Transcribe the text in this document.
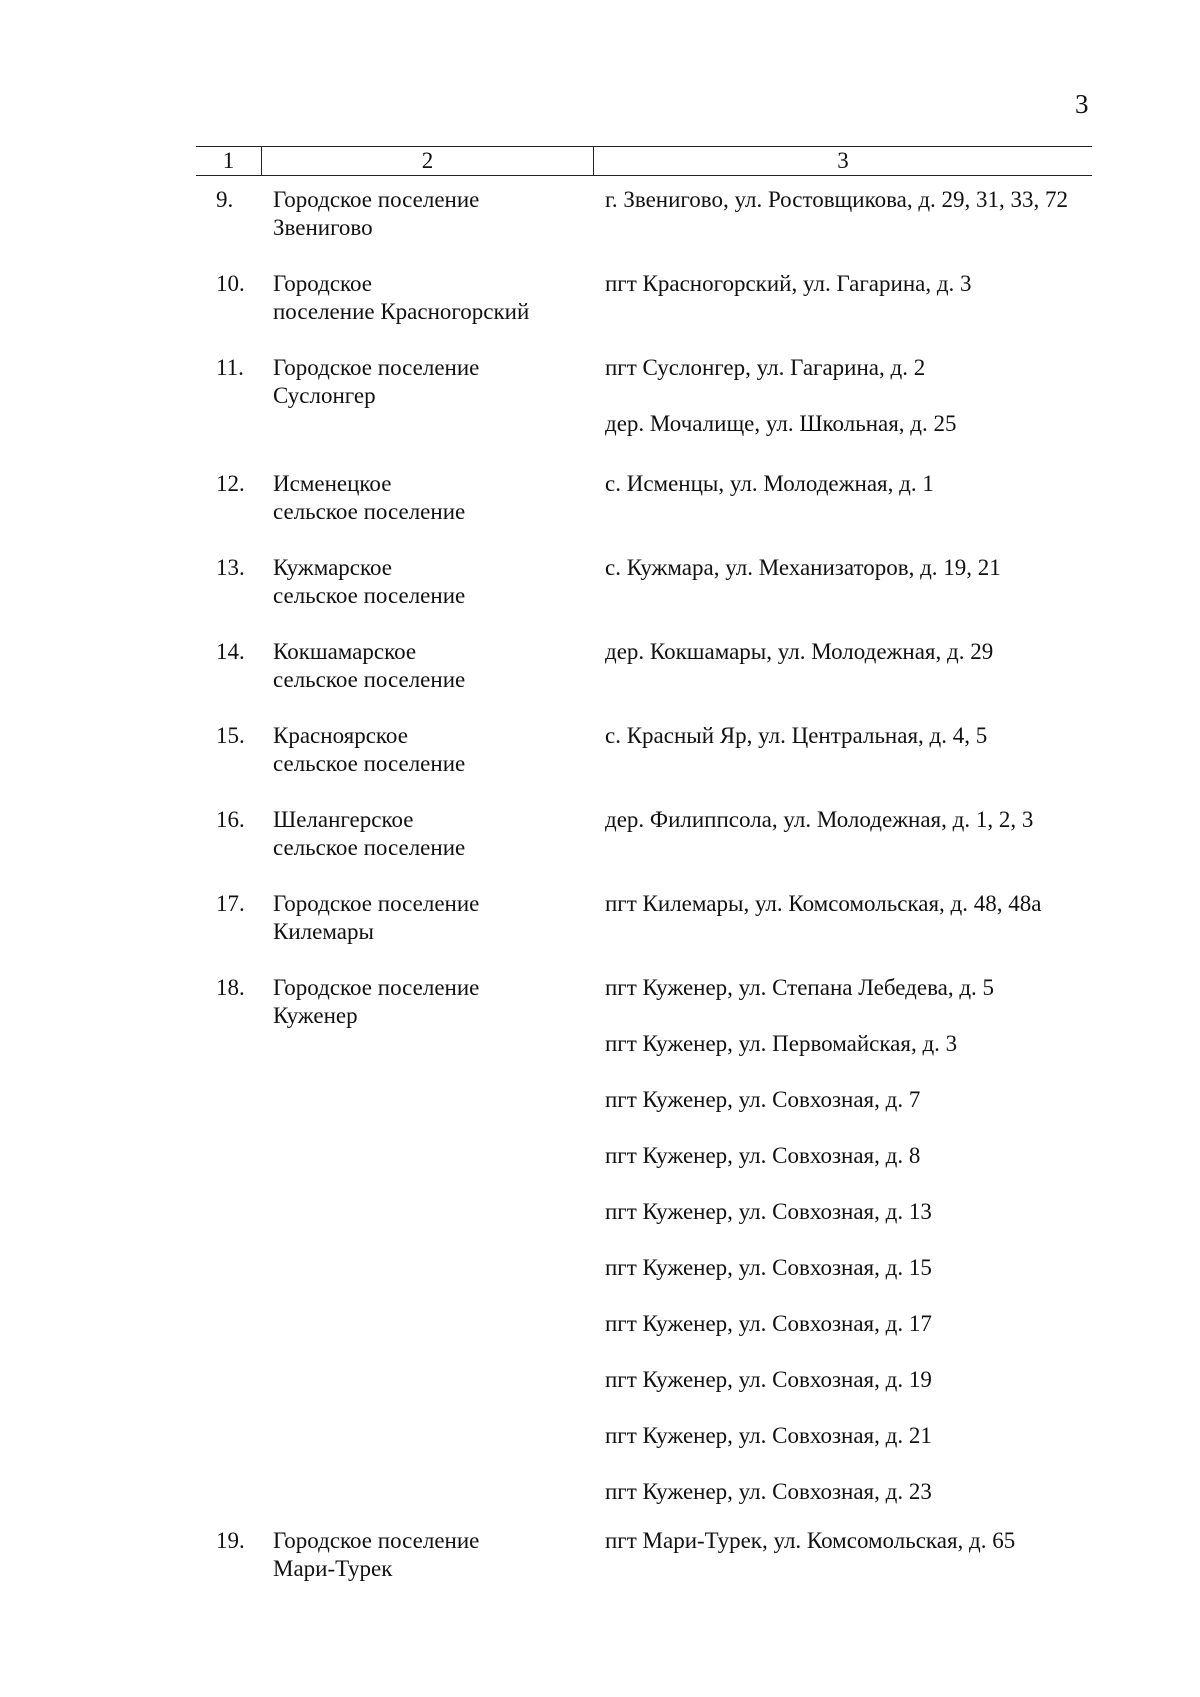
3
1	2	3
9. Городское поселение
Звенигово
г. Звенигово, ул. Ростовщикова, д. 29, 31, 33, 72
10. Городское
поселение Красногорский
пгт Красногорский, ул. Гагарина, д. 3
11. Городское поселение
Суслонгер
пгт Суслонгер, ул. Гагарина, д. 2
дер. Мочалище, ул. Школьная, д. 25
12. Исменецкое
сельское поселение
с. Исменцы, ул. Молодежная, д. 1
13. Кужмарское
сельское поселение
с. Кужмара, ул. Механизаторов, д. 19, 21
14. Кокшамарское
сельское поселение
дер. Кокшамары, ул. Молодежная, д. 29
15. Красноярское
сельское поселение
с. Красный Яр, ул. Центральная, д. 4, 5
16. Шелангерское
сельское поселение
дер. Филиппсола, ул. Молодежная, д. 1, 2, 3
17. Городское поселение
Килемары
пгт Килемары, ул. Комсомольская, д. 48, 48а
18. Городское поселение
Куженер
пгт Куженер, ул. Степана Лебедева, д. 5
пгт Куженер, ул. Первомайская, д. 3
пгт Куженер, ул. Совхозная, д. 7
пгт Куженер, ул. Совхозная, д. 8
пгт Куженер, ул. Совхозная, д. 13
пгт Куженер, ул. Совхозная, д. 15
пгт Куженер, ул. Совхозная, д. 17
пгт Куженер, ул. Совхозная, д. 19
пгт Куженер, ул. Совхозная, д. 21
пгт Куженер, ул. Совхозная, д. 23
19. Городское поселение
Мари-Турек
пгт Мари-Турек, ул. Комсомольская, д. 65
